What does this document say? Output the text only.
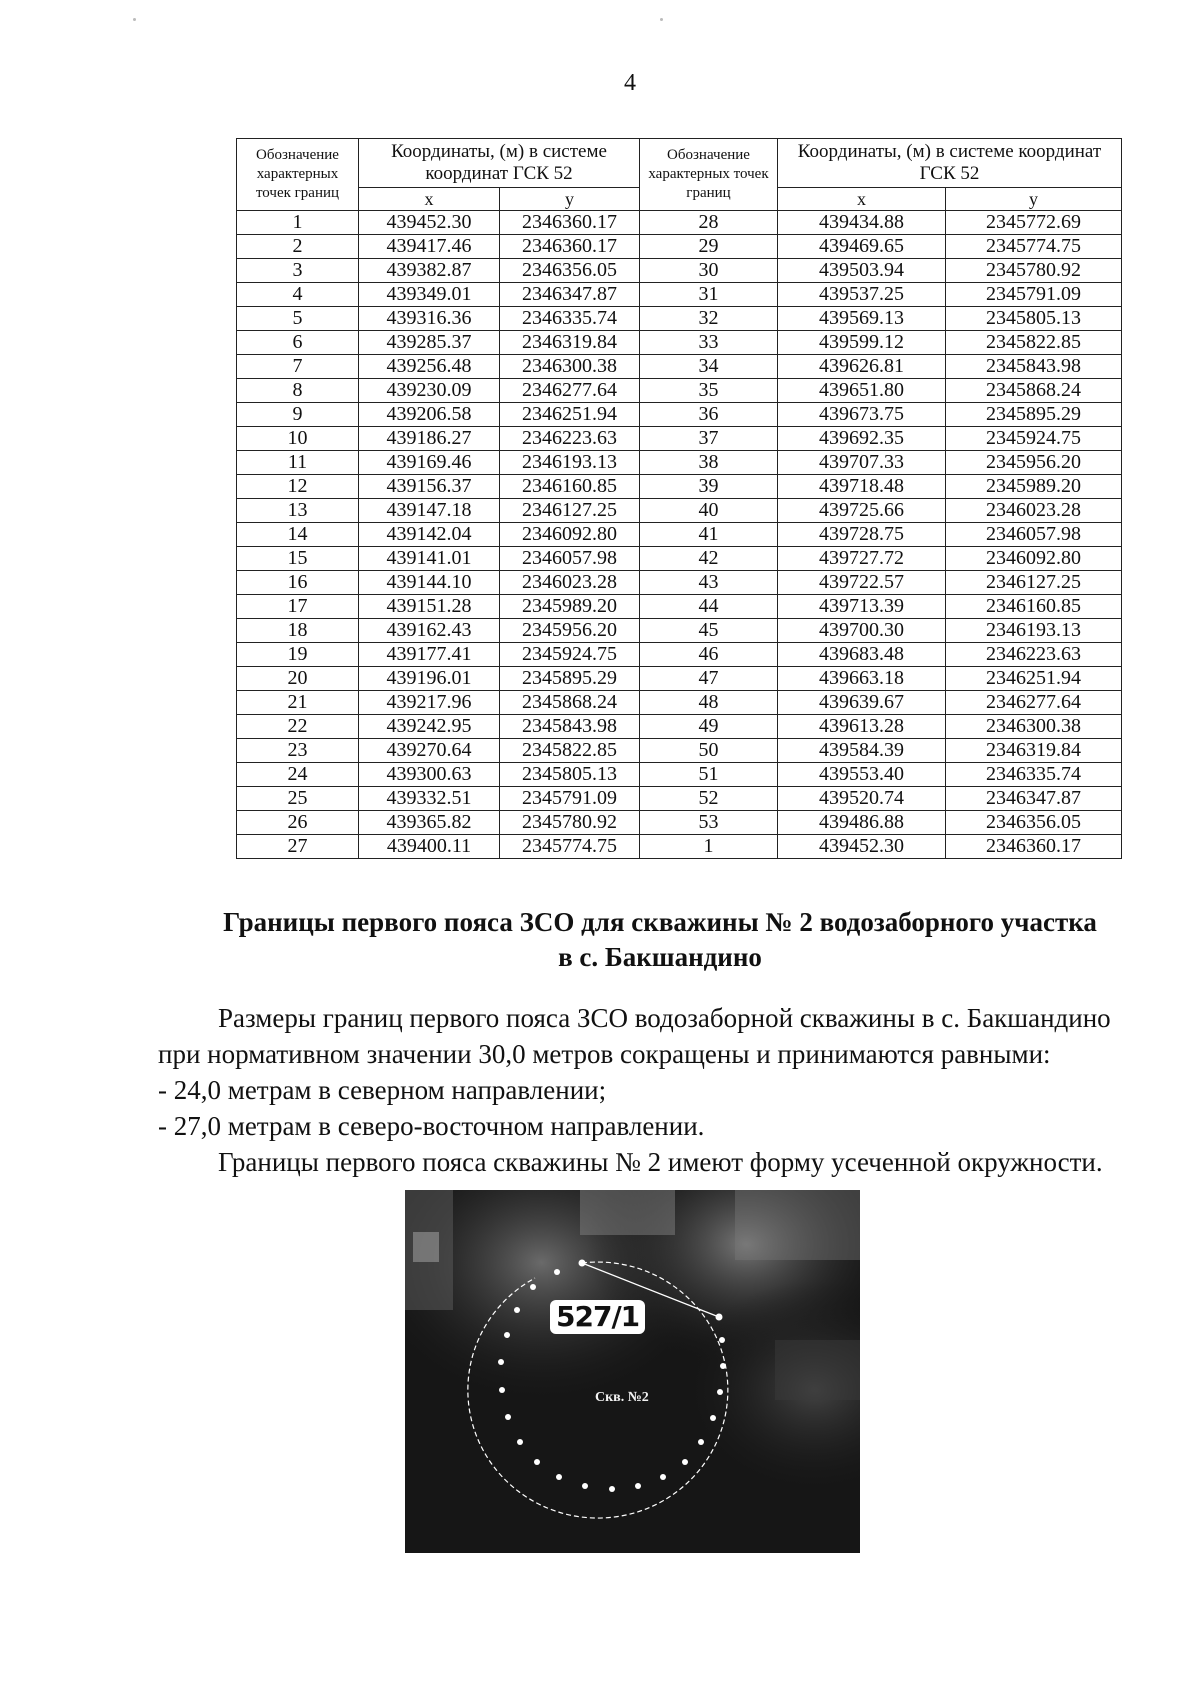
4
Обозначение характерных точек границ	Координаты, (м) в системе координат ГСК 52		Обозначение характерных точек границ	Координаты, (м) в системе координат ГСК 52	
	x	y		x	y
1	439452.30	2346360.17	28	439434.88	2345772.69
2	439417.46	2346360.17	29	439469.65	2345774.75
3	439382.87	2346356.05	30	439503.94	2345780.92
4	439349.01	2346347.87	31	439537.25	2345791.09
5	439316.36	2346335.74	32	439569.13	2345805.13
6	439285.37	2346319.84	33	439599.12	2345822.85
7	439256.48	2346300.38	34	439626.81	2345843.98
8	439230.09	2346277.64	35	439651.80	2345868.24
9	439206.58	2346251.94	36	439673.75	2345895.29
10	439186.27	2346223.63	37	439692.35	2345924.75
11	439169.46	2346193.13	38	439707.33	2345956.20
12	439156.37	2346160.85	39	439718.48	2345989.20
13	439147.18	2346127.25	40	439725.66	2346023.28
14	439142.04	2346092.80	41	439728.75	2346057.98
15	439141.01	2346057.98	42	439727.72	2346092.80
16	439144.10	2346023.28	43	439722.57	2346127.25
17	439151.28	2345989.20	44	439713.39	2346160.85
18	439162.43	2345956.20	45	439700.30	2346193.13
19	439177.41	2345924.75	46	439683.48	2346223.63
20	439196.01	2345895.29	47	439663.18	2346251.94
21	439217.96	2345868.24	48	439639.67	2346277.64
22	439242.95	2345843.98	49	439613.28	2346300.38
23	439270.64	2345822.85	50	439584.39	2346319.84
24	439300.63	2345805.13	51	439553.40	2346335.74
25	439332.51	2345791.09	52	439520.74	2346347.87
26	439365.82	2345780.92	53	439486.88	2346356.05
27	439400.11	2345774.75	1	439452.30	2346360.17
Границы первого пояса ЗСО для скважины № 2 водозаборного участка
в с. Бакшандино

Размеры границ первого пояса ЗСО водозаборной скважины в с. Бакшандино при нормативном значении 30,0 метров сокращены и принимаются равными:

- 24,0 метрам в северном направлении;

- 27,0 метрам в северо-восточном направлении.

Границы первого пояса скважины № 2 имеют форму усеченной окружности.

527/1
Скв. №2
